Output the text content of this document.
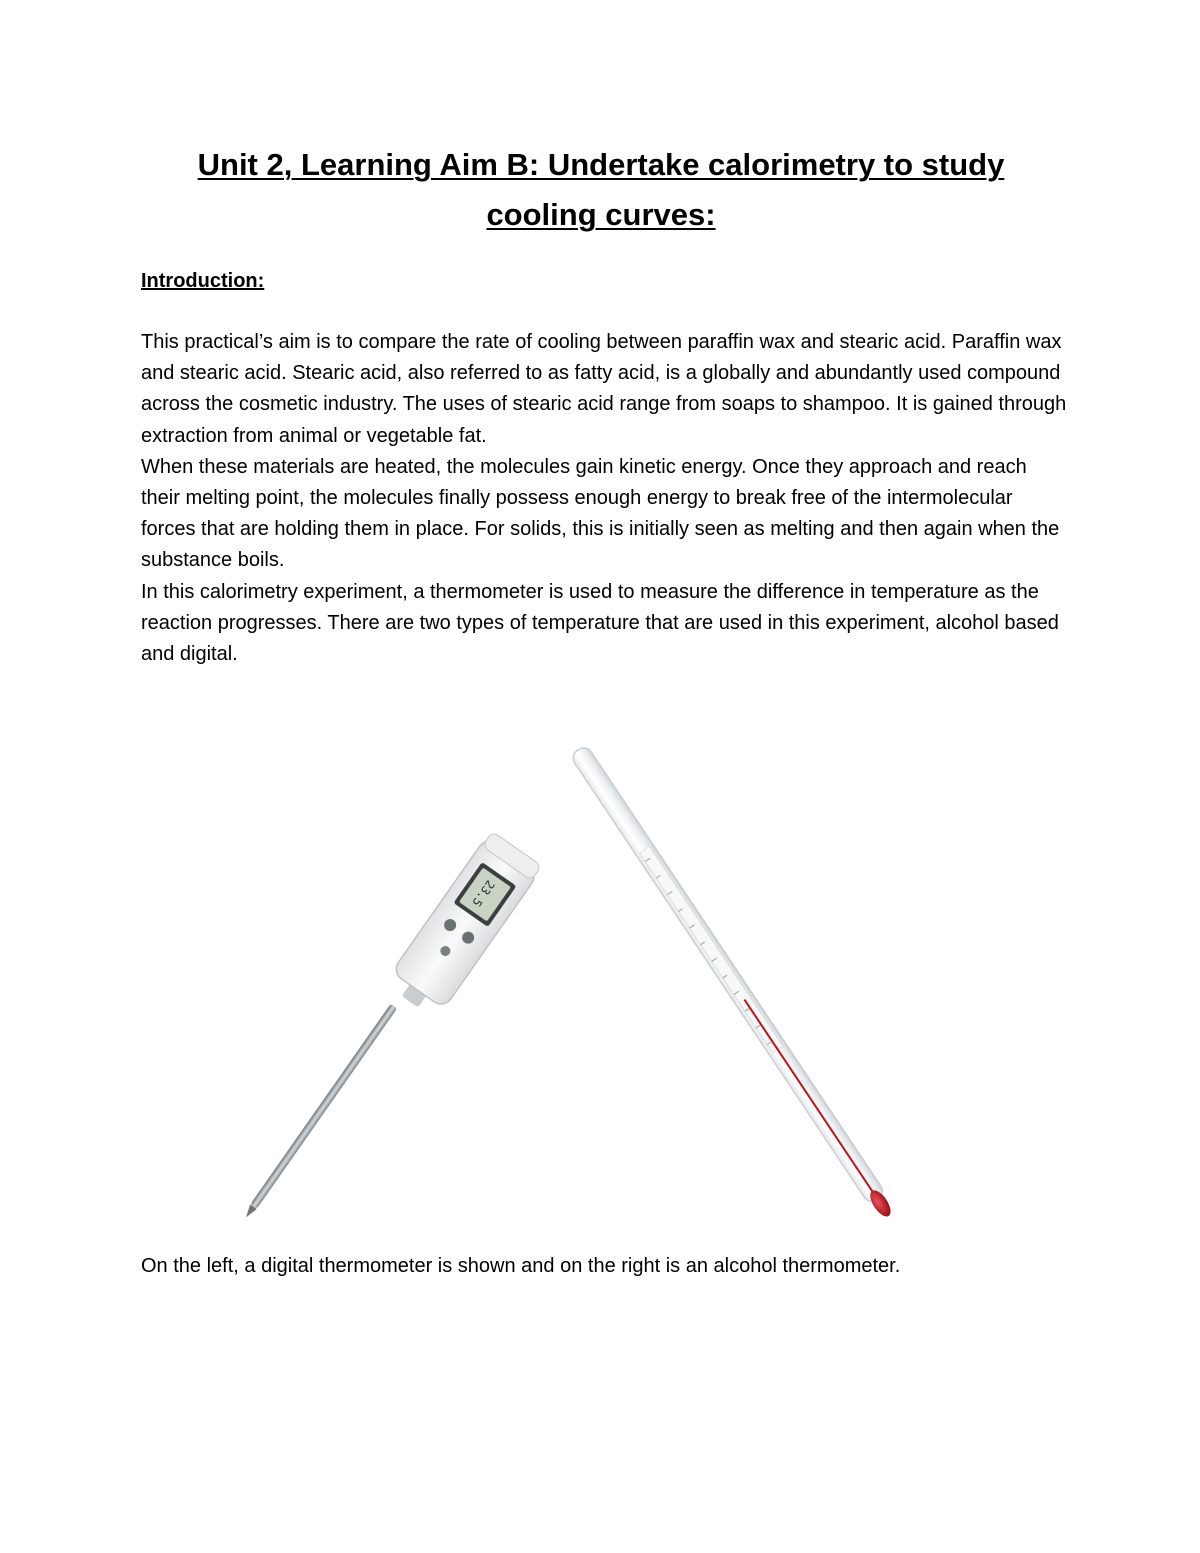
Unit 2, Learning Aim B: Undertake calorimetry to study cooling curves:
Introduction:

This practical’s aim is to compare the rate of cooling between paraffin wax and stearic acid. Paraffin wax and stearic acid. Stearic acid, also referred to as fatty acid, is a globally and abundantly used compound across the cosmetic industry. The uses of stearic acid range from soaps to shampoo. It is gained through extraction from animal or vegetable fat.

When these materials are heated, the molecules gain kinetic energy. Once they approach and reach their melting point, the molecules finally possess enough energy to break free of the intermolecular forces that are holding them in place. For solids, this is initially seen as melting and then again when the substance boils.

In this calorimetry experiment, a thermometer is used to measure the difference in temperature as the reaction progresses. There are two types of temperature that are used in this experiment, alcohol based and digital.

23.5

On the left, a digital thermometer is shown and on the right is an alcohol thermometer.
